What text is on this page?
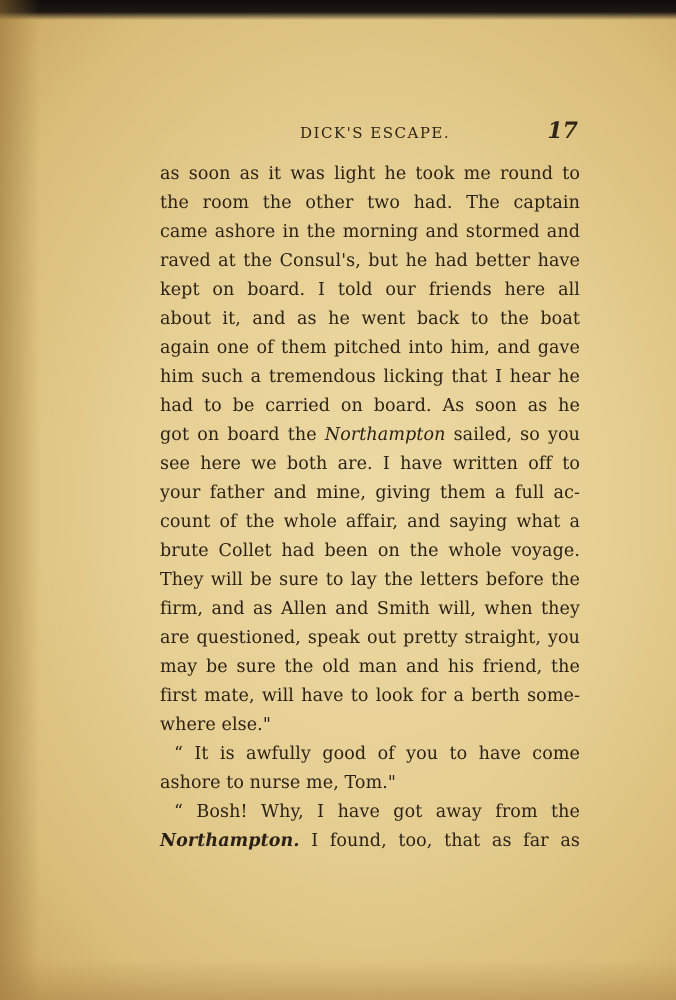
DICK'S ESCAPE.	17
as soon as it was light he took me round to
the room the other two had. The captain
came ashore in the morning and stormed and
raved at the Consul's, but he had better have
kept on board. I told our friends here all
about it, and as he went back to the boat
again one of them pitched into him, and gave
him such a tremendous licking that I hear he
had to be carried on board. As soon as he
got on board the Northampton sailed, so you
see here we both are. I have written off to
your father and mine, giving them a full ac-
count of the whole affair, and saying what a
brute Collet had been on the whole voyage.
They will be sure to lay the letters before the
firm, and as Allen and Smith will, when they
are questioned, speak out pretty straight, you
may be sure the old man and his friend, the
first mate, will have to look for a berth some-
where else."
“ It is awfully good of you to have come
ashore to nurse me, Tom."
“ Bosh! Why, I have got away from the
Northampton. I found, too, that as far as
